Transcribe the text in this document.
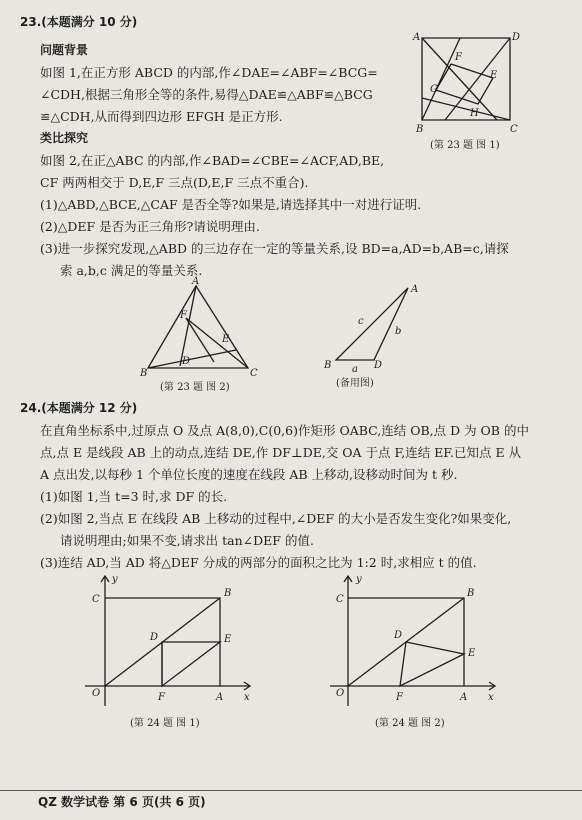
23.(本题满分 10 分)
问题背景
如图 1,在正方形 ABCD 的内部,作∠DAE=∠ABF=∠BCG=
∠CDH,根据三角形全等的条件,易得△DAE≌△ABF≌△BCG
≌△CDH,从而得到四边形 EFGH 是正方形.
类比探究
如图 2,在正△ABC 的内部,作∠BAD=∠CBE=∠ACF,AD,BE,
CF 两两相交于 D,E,F 三点(D,E,F 三点不重合).
(1)△ABD,△BCE,△CAF 是否全等?如果是,请选择其中一对进行证明.
(2)△DEF 是否为正三角形?请说明理由.
(3)进一步探究发现,△ABD 的三边存在一定的等量关系,设 BD=a,AD=b,AB=c,请探
索 a,b,c 满足的等量关系.
A	D
F
G
E
H
B	C
(第 23 题 图 1)
A
F
E
D
B	C
(第 23 题 图 2)
A
c
b
B a D
(备用图)
24.(本题满分 12 分)
在直角坐标系中,过原点 O 及点 A(8,0),C(0,6)作矩形 OABC,连结 OB,点 D 为 OB 的中
点,点 E 是线段 AB 上的动点,连结 DE,作 DF⊥DE,交 OA 于点 F,连结 EF.已知点 E 从
A 点出发,以每秒 1 个单位长度的速度在线段 AB 上移动,设移动时间为 t 秒.
(1)如图 1,当 t=3 时,求 DF 的长.
(2)如图 2,当点 E 在线段 AB 上移动的过程中,∠DEF 的大小是否发生变化?如果变化,
请说明理由;如果不变,请求出 tan∠DEF 的值.
(3)连结 AD,当 AD 将△DEF 分成的两部分的面积之比为 1:2 时,求相应 t 的值.
y
C
B
D	E
O	F	A x
(第 24 题 图 1)
y
C
B
D
E
O	F	A x
(第 24 题 图 2)
QZ 数学试卷 第 6 页(共 6 页)
